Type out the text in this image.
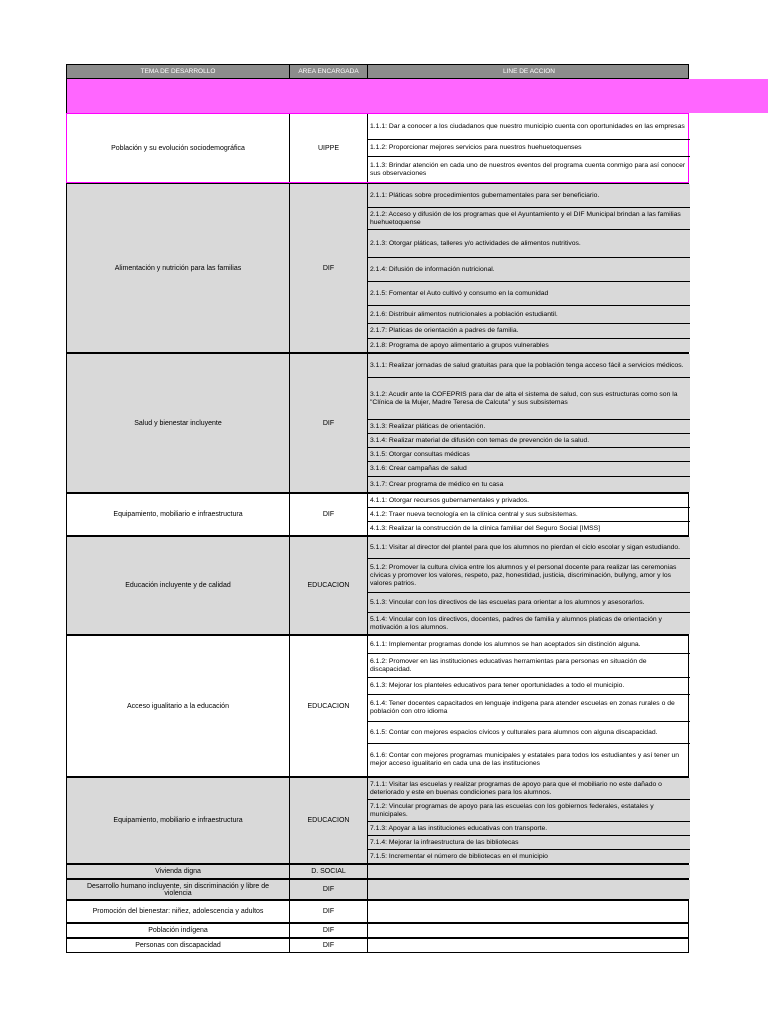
TEMA DE DESARROLLO	AREA ENCARGADA	LINE DE ACCION
PILAR 1 SOCIAL: MUNICIPIO SOCIALMENTE RESPONSABLE, SOLIDARIO E INCL
Población y su evolución sociodemográfica	UIPPE
1.1.1: Dar a conocer a los ciudadanos que nuestro municipio cuenta con oportunidades en las empresas
1.1.2: Proporcionar mejores servicios para nuestros huehuetoquenses
1.1.3: Brindar atención en cada uno de nuestros eventos del programa cuenta conmigo para así conocer sus observaciones
Alimentación y nutrición para las familias	DIF
2.1.1: Pláticas sobre procedimientos gubernamentales para ser beneficiario.
2.1.2: Acceso y difusión de los programas que el Ayuntamiento y el DIF Municipal brindan a las familias huehuetoquense
2.1.3: Otorgar pláticas, talleres y/o actividades de alimentos nutritivos.
2.1.4: Difusión de información nutricional.
2.1.5: Fomentar el Auto cultivó y consumo en la comunidad
2.1.6: Distribuir alimentos nutricionales a población estudiantil.
2.1.7: Platicas de orientación a padres de familia.
2.1.8: Programa de apoyo alimentario a grupos vulnerables
Salud y bienestar incluyente	DIF
3.1.1: Realizar jornadas de salud gratuitas para que la población tenga acceso fácil a servicios médicos.
3.1.2: Acudir ante la COFEPRIS para dar de alta el sistema de salud, con sus estructuras como son la "Clínica de la Mujer, Madre Teresa de Calcuta" y sus subsistemas
3.1.3: Realizar pláticas de orientación.
3.1.4: Realizar material de difusión con temas de prevención de la salud.
3.1.5: Otorgar consultas médicas
3.1.6: Crear campañas de salud
3.1.7: Crear programa de médico en tu casa
Equipamiento, mobiliario e infraestructura	DIF
4.1.1: Otorgar recursos gubernamentales y privados.
4.1.2: Traer nueva tecnología en la clínica central y sus subsistemas.
4.1.3: Realizar la construcción de la clínica familiar del Seguro Social [IMSS]
Educación incluyente y de calidad	EDUCACION
5.1.1: Visitar al director del plantel para que los alumnos no pierdan el ciclo escolar y sigan estudiando.
5.1.2: Promover la cultura cívica entre los alumnos y el personal docente para realizar las ceremonias cívicas y promover los valores, respeto, paz, honestidad, justicia, discriminación, bullyng, amor y los valores patrios.
5.1.3: Vincular con los directivos de las escuelas para orientar a los alumnos y asesorarlos.
5.1.4: Vincular con los directivos, docentes, padres de familia y alumnos platicas de orientación y motivación a los alumnos.
Acceso igualitario a la educación	EDUCACION
6.1.1: Implementar programas donde los alumnos se han aceptados sin distinción alguna.
6.1.2: Promover en las instituciones educativas herramientas para personas en situación de discapacidad.
6.1.3: Mejorar los planteles educativos para tener oportunidades a todo el municipio.
6.1.4: Tener docentes capacitados en lenguaje indígena para atender escuelas en zonas rurales o de población con otro idioma
6.1.5: Contar con mejores espacios cívicos y culturales para alumnos con alguna discapacidad.
6.1.6: Contar con mejores programas municipales y estatales para todos los estudiantes y así tener un mejor acceso igualitario en cada una de las instituciones
Equipamiento, mobiliario e infraestructura	EDUCACION
7.1.1: Visitar las escuelas y realizar programas de apoyo para que el mobiliario no este dañado o deteriorado y este en buenas condiciones para los alumnos.
7.1.2: Vincular programas de apoyo para las escuelas con los gobiernos federales, estatales y municipales.
7.1.3: Apoyar a las instituciones educativas con transporte.
7.1.4: Mejorar la infraestructura de las bibliotecas
7.1.5: Incrementar el número de bibliotecas en el municipio
Vivienda digna	D. SOCIAL
Desarrollo humano incluyente, sin discriminación y libre de violencia	DIF
Promoción del bienestar: niñez, adolescencia y adultos	DIF
Población indígena	DIF
Personas con discapacidad	DIF
